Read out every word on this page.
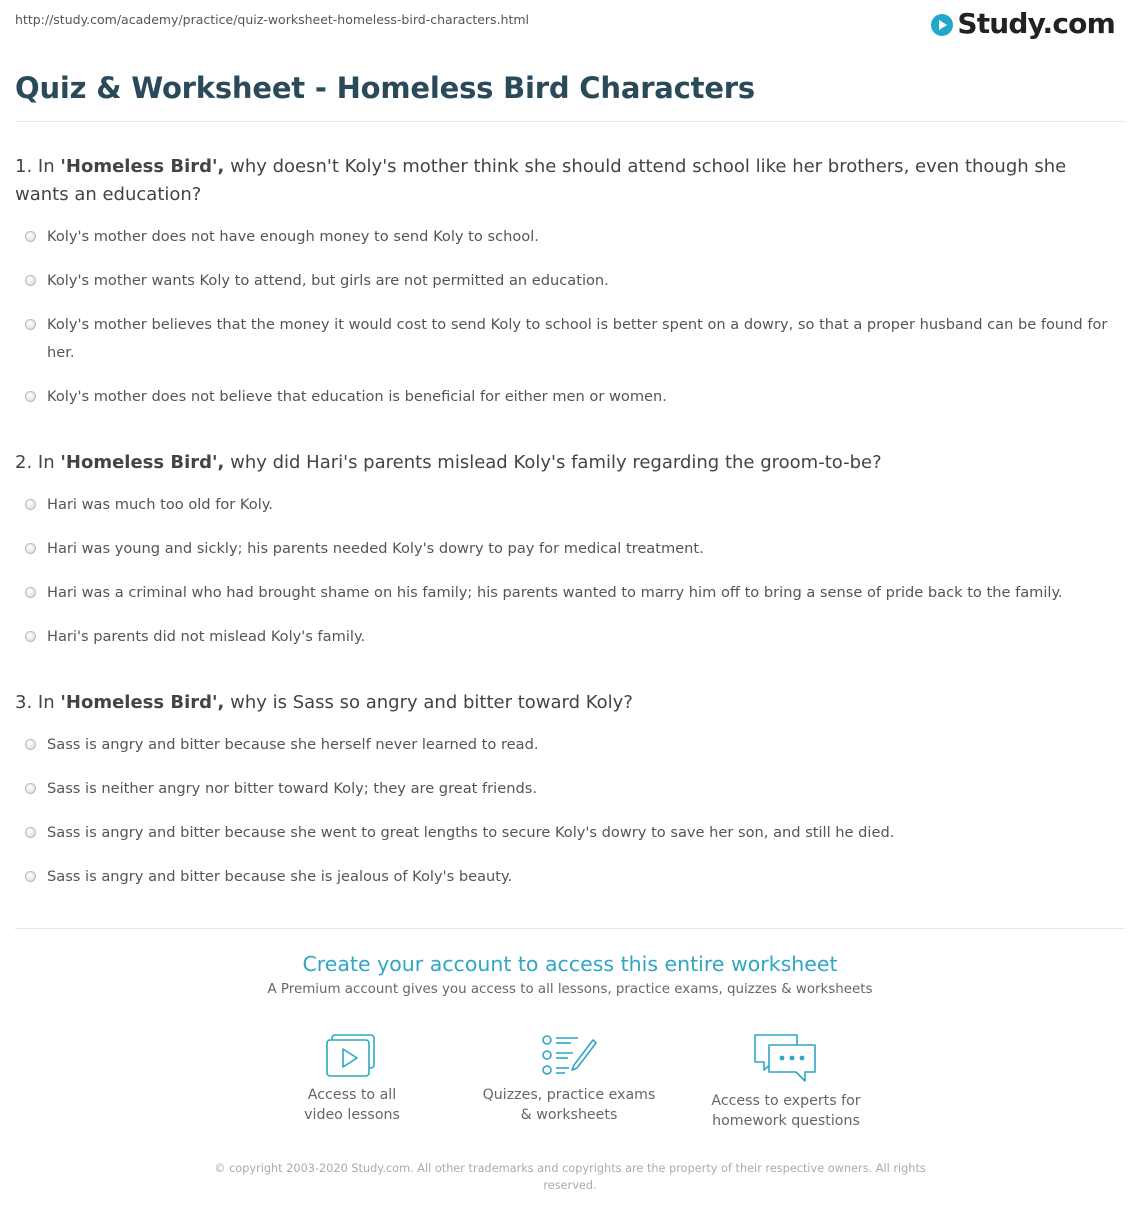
http://study.com/academy/practice/quiz-worksheet-homeless-bird-characters.html	Study.com
Quiz & Worksheet - Homeless Bird Characters
1. In 'Homeless Bird', why doesn't Koly's mother think she should attend school like her brothers, even though she wants an education?
Koly's mother does not have enough money to send Koly to school.
Koly's mother wants Koly to attend, but girls are not permitted an education.
Koly's mother believes that the money it would cost to send Koly to school is better spent on a dowry, so that a proper husband can be found for her.
Koly's mother does not believe that education is beneficial for either men or women.
2. In 'Homeless Bird', why did Hari's parents mislead Koly's family regarding the groom-to-be?
Hari was much too old for Koly.
Hari was young and sickly; his parents needed Koly's dowry to pay for medical treatment.
Hari was a criminal who had brought shame on his family; his parents wanted to marry him off to bring a sense of pride back to the family.
Hari's parents did not mislead Koly's family.
3. In 'Homeless Bird', why is Sass so angry and bitter toward Koly?
Sass is angry and bitter because she herself never learned to read.
Sass is neither angry nor bitter toward Koly; they are great friends.
Sass is angry and bitter because she went to great lengths to secure Koly's dowry to save her son, and still he died.
Sass is angry and bitter because she is jealous of Koly's beauty.
Create your account to access this entire worksheet
A Premium account gives you access to all lessons, practice exams, quizzes & worksheets
Access to all
video lessons
Quizzes, practice exams
& worksheets
Access to experts for
homework questions
© copyright 2003-2020 Study.com. All other trademarks and copyrights are the property of their respective owners. All rights reserved.
